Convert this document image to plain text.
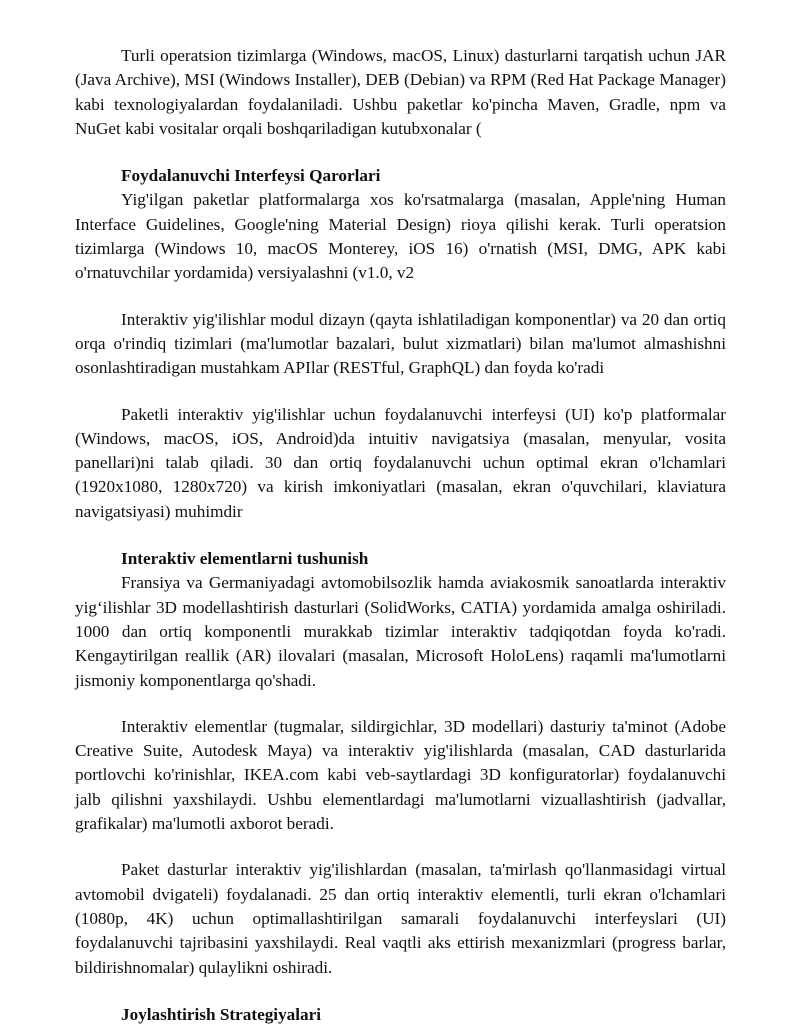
Turli operatsion tizimlarga (Windows, macOS, Linux) dasturlarni tarqatish uchun JAR (Java Archive), MSI (Windows Installer), DEB (Debian) va RPM (Red Hat Package Manager) kabi texnologiyalardan foydalaniladi. Ushbu paketlar ko'pincha Maven, Gradle, npm va NuGet kabi vositalar orqali boshqariladigan kutubxonalar (

Foydalanuvchi Interfeysi Qarorlari

Yig'ilgan paketlar platformalarga xos ko'rsatmalarga (masalan, Apple'ning Human Interface Guidelines, Google'ning Material Design) rioya qilishi kerak. Turli operatsion tizimlarga (Windows 10, macOS Monterey, iOS 16) o'rnatish (MSI, DMG, APK kabi o'rnatuvchilar yordamida) versiyalashni (v1.0, v2

Interaktiv yig'ilishlar modul dizayn (qayta ishlatiladigan komponentlar) va 20 dan ortiq orqa o'rindiq tizimlari (ma'lumotlar bazalari, bulut xizmatlari) bilan ma'lumot almashishni osonlashtiradigan mustahkam APIlar (RESTful, GraphQL) dan foyda ko'radi

Paketli interaktiv yig'ilishlar uchun foydalanuvchi interfeysi (UI) ko'p platformalar (Windows, macOS, iOS, Android)da intuitiv navigatsiya (masalan, menyular, vosita panellari)ni talab qiladi. 30 dan ortiq foydalanuvchi uchun optimal ekran o'lchamlari (1920x1080, 1280x720) va kirish imkoniyatlari (masalan, ekran o'quvchilari, klaviatura navigatsiyasi) muhimdir

Interaktiv elementlarni tushunish

Fransiya va Germaniyadagi avtomobilsozlik hamda aviakosmik sanoatlarda interaktiv yig‘ilishlar 3D modellashtirish dasturlari (SolidWorks, CATIA) yordamida amalga oshiriladi. 1000 dan ortiq komponentli murakkab tizimlar interaktiv tadqiqotdan foyda ko'radi. Kengaytirilgan reallik (AR) ilovalari (masalan, Microsoft HoloLens) raqamli ma'lumotlarni jismoniy komponentlarga qo'shadi.

Interaktiv elementlar (tugmalar, sildirgichlar, 3D modellari) dasturiy ta'minot (Adobe Creative Suite, Autodesk Maya) va interaktiv yig'ilishlarda (masalan, CAD dasturlarida portlovchi ko'rinishlar, IKEA.com kabi veb-saytlardagi 3D konfiguratorlar) foydalanuvchi jalb qilishni yaxshilaydi. Ushbu elementlardagi ma'lumotlarni vizuallashtirish (jadvallar, grafikalar) ma'lumotli axborot beradi.

Paket dasturlar interaktiv yig'ilishlardan (masalan, ta'mirlash qo'llanmasidagi virtual avtomobil dvigateli) foydalanadi. 25 dan ortiq interaktiv elementli, turli ekran o'lchamlari (1080p, 4K) uchun optimallashtirilgan samarali foydalanuvchi interfeyslari (UI) foydalanuvchi tajribasini yaxshilaydi. Real vaqtli aks ettirish mexanizmlari (progress barlar, bildirishnomalar) qulaylikni oshiradi.

Joylashtirish Strategiyalari
